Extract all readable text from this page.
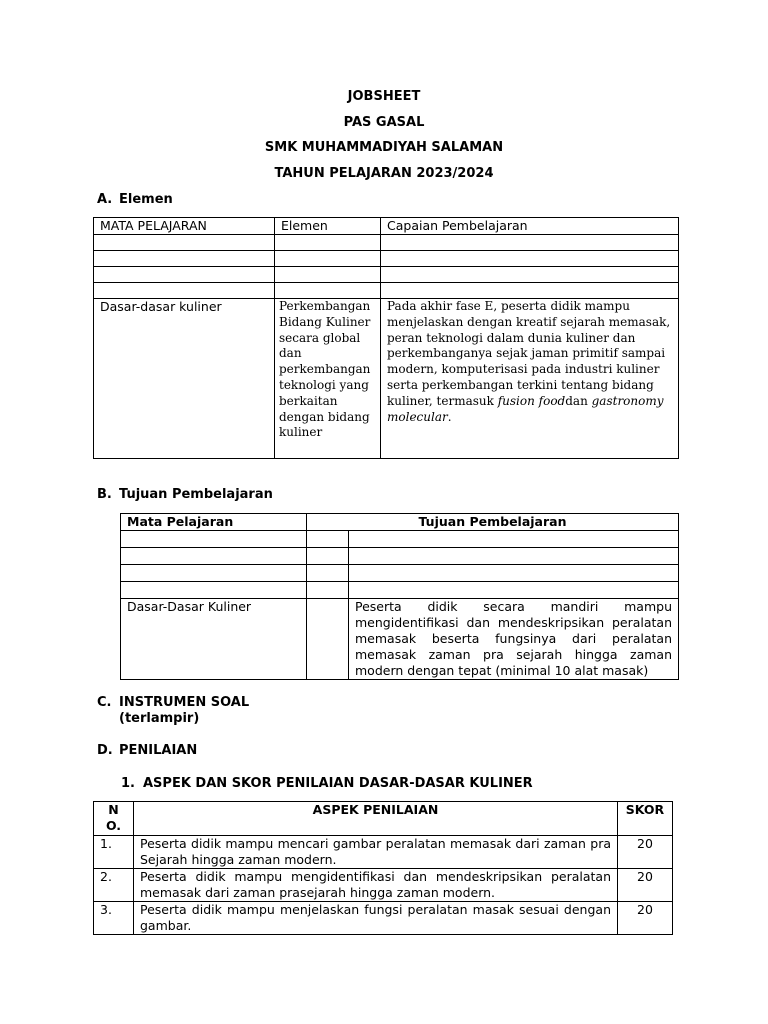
JOBSHEET
PAS GASAL
SMK MUHAMMADIYAH SALAMAN
TAHUN PELAJARAN 2023/2024
A. Elemen
MATA PELAJARAN	Elemen	Capaian Pembelajaran

Dasar-dasar kuliner	Perkembangan Bidang Kuliner secara global dan perkembangan teknologi yang berkaitan dengan bidang kuliner	Pada akhir fase E, peserta didik mampu menjelaskan dengan kreatif sejarah memasak, peran teknologi dalam dunia kuliner dan perkembanganya sejak jaman primitif sampai modern, komputerisasi pada industri kuliner serta perkembangan terkini tentang bidang kuliner, termasuk fusion fooddan gastronomy molecular.
B. Tujuan Pembelajaran
Mata Pelajaran	Tujuan Pembelajaran	

Dasar-Dasar Kuliner		Peserta didik secara mandiri mampu mengidentifikasi dan mendeskripsikan peralatan memasak beserta fungsinya dari peralatan memasak zaman pra sejarah hingga zaman modern dengan tepat (minimal 10 alat masak)
C. INSTRUMEN SOAL
(terlampir)
D. PENILAIAN
1. ASPEK DAN SKOR PENILAIAN DASAR-DASAR KULINER
N O.	ASPEK PENILAIAN	SKOR
1.	Peserta didik mampu mencari gambar peralatan memasak dari zaman pra Sejarah hingga zaman modern.	20
2.	Peserta didik mampu mengidentifikasi dan mendeskripsikan peralatan memasak dari zaman prasejarah hingga zaman modern.	20
3.	Peserta didik mampu menjelaskan fungsi peralatan masak sesuai dengan gambar.	20
